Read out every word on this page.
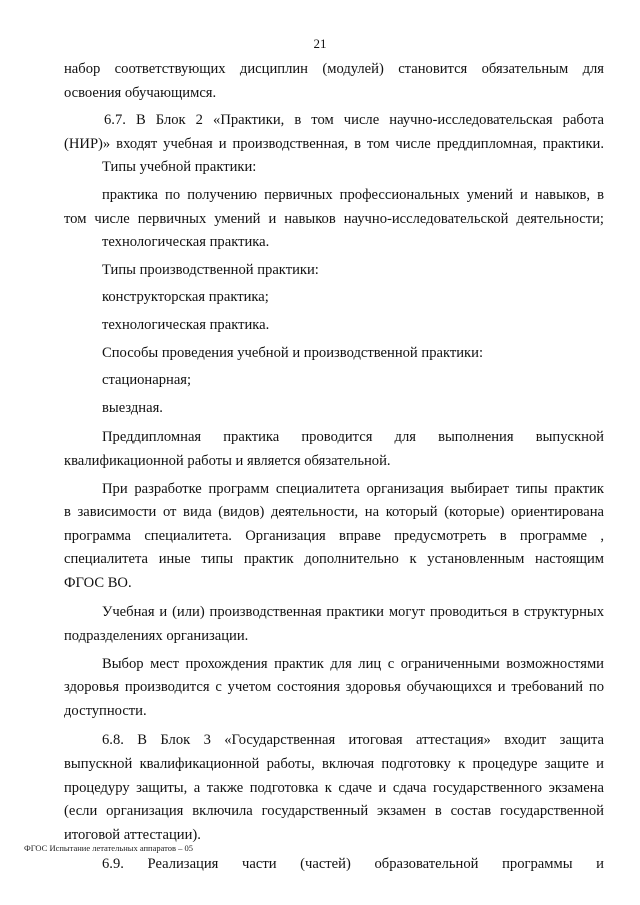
21

набор соответствующих дисциплин (модулей) становится обязательным для

освоения обучающимся.

6.7. В Блок 2 «Практики, в том числе научно-исследовательская работа

(НИР)» входят учебная и производственная, в том числе преддипломная, практики.

Типы учебной практики:

практика по получению первичных профессиональных умений и навыков, в

том числе первичных умений и навыков научно-исследовательской деятельности;

технологическая практика.

Типы производственной практики:

конструкторская практика;

технологическая практика.

Способы проведения учебной и производственной практики:

стационарная;

выездная.

Преддипломная практика проводится для выполнения выпускной

квалификационной работы и является обязательной.

При разработке программ специалитета организация выбирает типы практик

в зависимости от вида (видов) деятельности, на который (которые) ориентирована

программа специалитета. Организация вправе предусмотреть в программе ,

специалитета иные типы практик дополнительно к установленным настоящим

ФГОС ВО.

Учебная и (или) производственная практики могут проводиться в структурных

подразделениях организации.

Выбор мест прохождения практик для лиц с ограниченными возможностями

здоровья производится с учетом состояния здоровья обучающихся и требований по

доступности.

6.8. В Блок 3 «Государственная итоговая аттестация» входит защита

выпускной квалификационной работы, включая подготовку к процедуре защите и

процедуру защиты, а также подготовка к сдаче и сдача государственного экзамена

(если организация включила государственный экзамен в состав государственной

итоговой аттестации).

6.9. Реализация части (частей) образовательной программы и

ФГОС Испытание летательных аппаратов – 05
